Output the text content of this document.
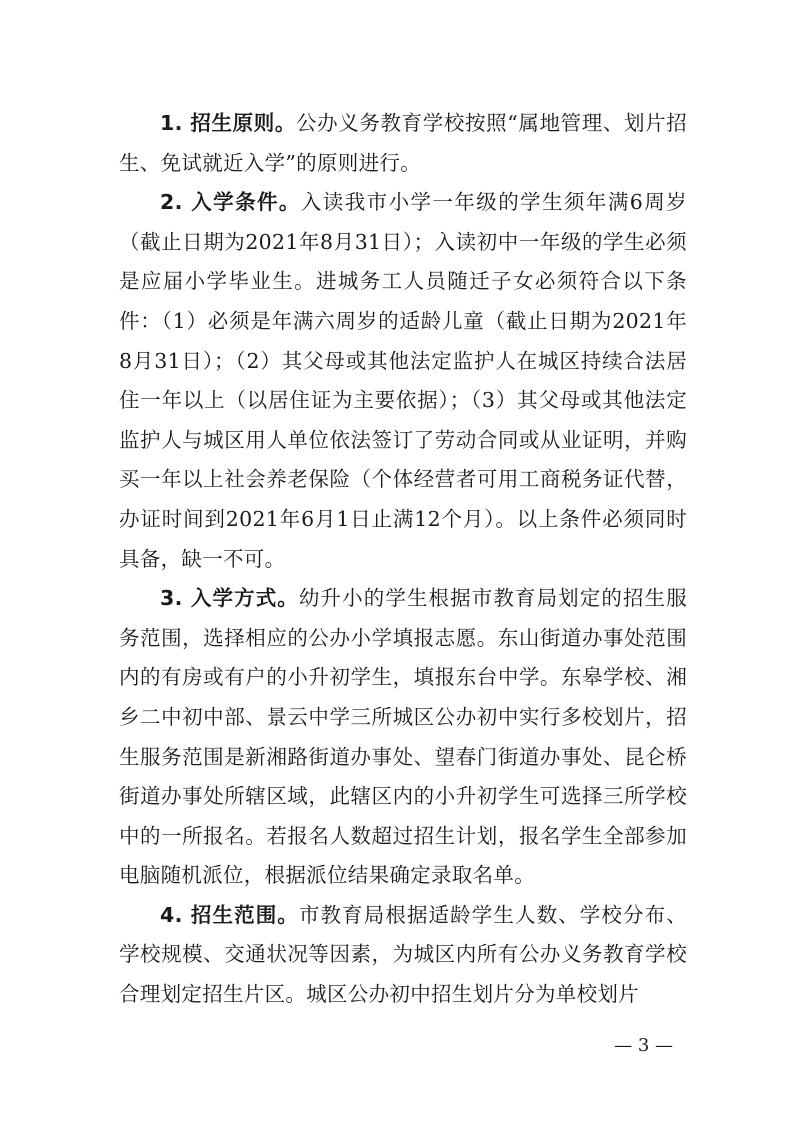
1. 招生原则。公办义务教育学校按照“属地管理、划片招生、免试就近入学”的原则进行。

2. 入学条件。入读我市小学一年级的学生须年满6周岁（截止日期为2021年8月31日）；入读初中一年级的学生必须是应届小学毕业生。进城务工人员随迁子女必须符合以下条件：（1）必须是年满六周岁的适龄儿童（截止日期为2021年8月31日）；（2）其父母或其他法定监护人在城区持续合法居住一年以上（以居住证为主要依据）；（3）其父母或其他法定监护人与城区用人单位依法签订了劳动合同或从业证明，并购买一年以上社会养老保险（个体经营者可用工商税务证代替，办证时间到2021年6月1日止满12个月）。以上条件必须同时具备，缺一不可。

3. 入学方式。幼升小的学生根据市教育局划定的招生服务范围，选择相应的公办小学填报志愿。东山街道办事处范围内的有房或有户的小升初学生，填报东台中学。东皋学校、湘乡二中初中部、景云中学三所城区公办初中实行多校划片，招生服务范围是新湘路街道办事处、望春门街道办事处、昆仑桥街道办事处所辖区域，此辖区内的小升初学生可选择三所学校中的一所报名。若报名人数超过招生计划，报名学生全部参加电脑随机派位，根据派位结果确定录取名单。

4. 招生范围。市教育局根据适龄学生人数、学校分布、学校规模、交通状况等因素，为城区内所有公办义务教育学校合理划定招生片区。城区公办初中招生划片分为单校划片

— 3 —
